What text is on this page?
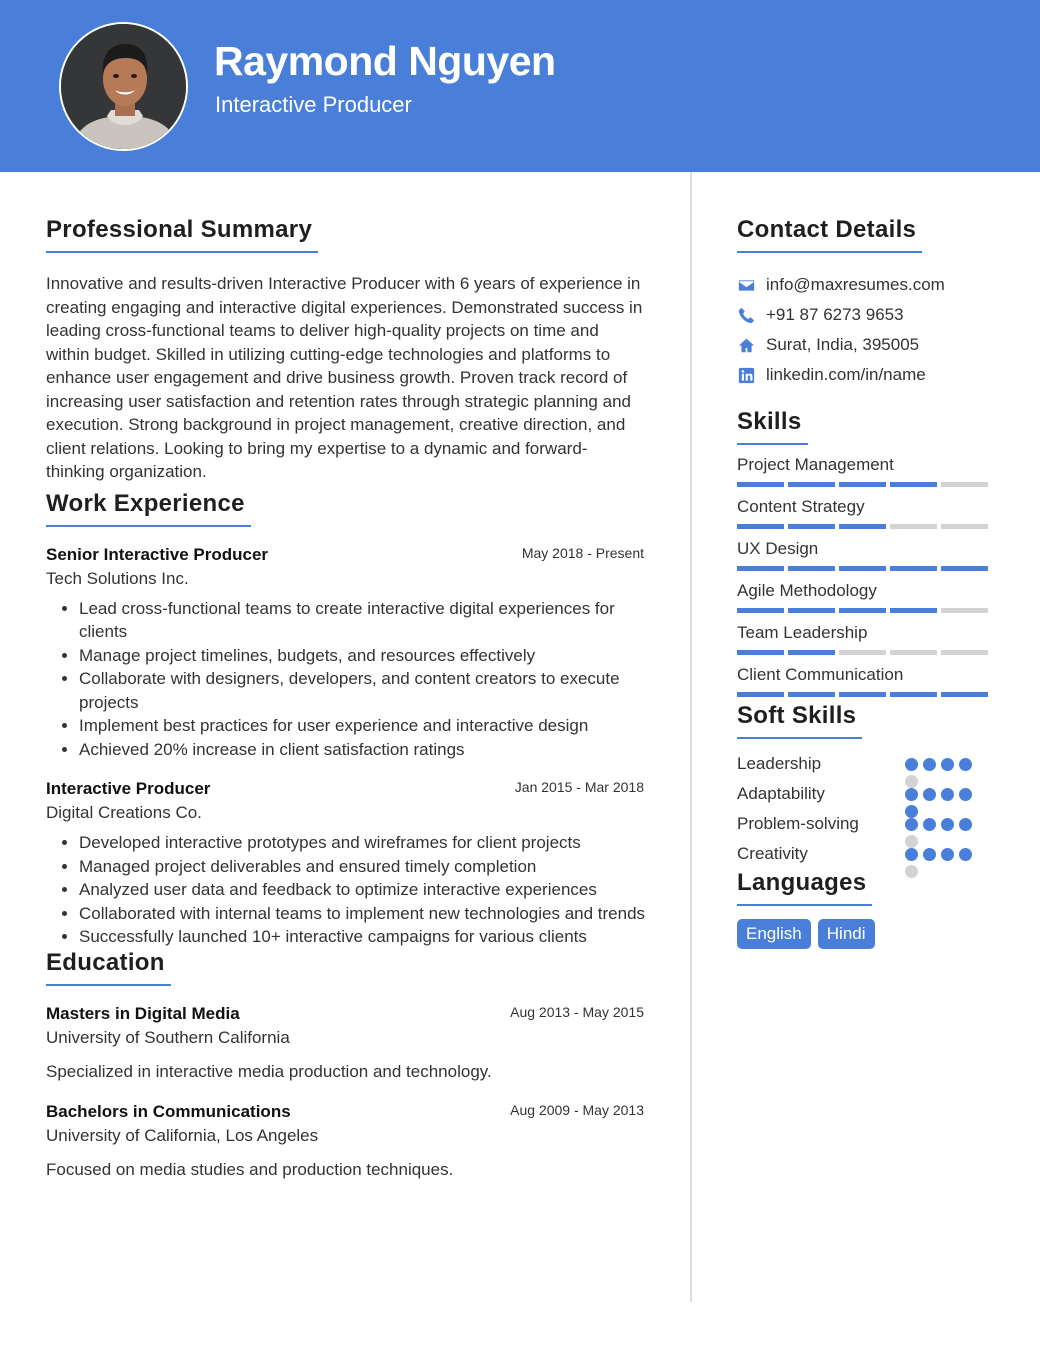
Raymond Nguyen
Interactive Producer
Professional Summary
Innovative and results-driven Interactive Producer with 6 years of experience in creating engaging and interactive digital experiences. Demonstrated success in leading cross-functional teams to deliver high-quality projects on time and within budget. Skilled in utilizing cutting-edge technologies and platforms to enhance user engagement and drive business growth. Proven track record of increasing user satisfaction and retention rates through strategic planning and execution. Strong background in project management, creative direction, and client relations. Looking to bring my expertise to a dynamic and forward-thinking organization.
Work Experience
Senior Interactive Producer	May 2018 - Present
Tech Solutions Inc.
• Lead cross-functional teams to create interactive digital experiences for clients
• Manage project timelines, budgets, and resources effectively
• Collaborate with designers, developers, and content creators to execute projects
• Implement best practices for user experience and interactive design
• Achieved 20% increase in client satisfaction ratings
Interactive Producer	Jan 2015 - Mar 2018
Digital Creations Co.
• Developed interactive prototypes and wireframes for client projects
• Managed project deliverables and ensured timely completion
• Analyzed user data and feedback to optimize interactive experiences
• Collaborated with internal teams to implement new technologies and trends
• Successfully launched 10+ interactive campaigns for various clients
Education
Masters in Digital Media	Aug 2013 - May 2015
University of Southern California
Specialized in interactive media production and technology.
Bachelors in Communications	Aug 2009 - May 2013
University of California, Los Angeles
Focused on media studies and production techniques.
Contact Details
info@maxresumes.com
+91 87 6273 9653
Surat, India, 395005
linkedin.com/in/name
Skills
Project Management
Content Strategy
UX Design
Agile Methodology
Team Leadership
Client Communication
Soft Skills
Leadership
Adaptability
Problem-solving
Creativity
Languages
English	Hindi
